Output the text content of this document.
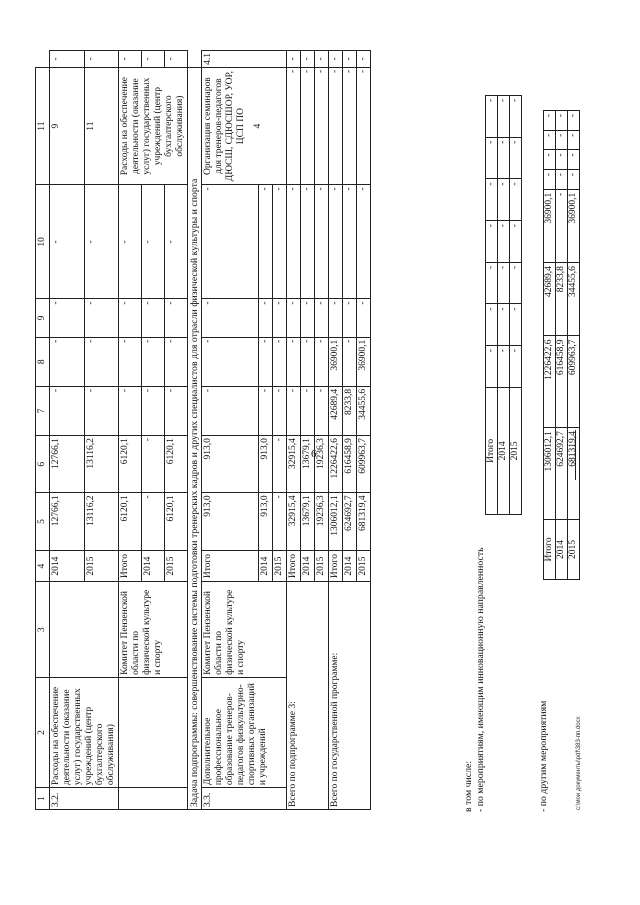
6
1	2	3	4	5	6	7	8	9	10	11	
3.2.	Расходы на обеспечение деятельности (оказание услуг) государственных учреждений (центр бухгалтерского обслуживания)		2014	12766,1	12766,1	-	-	-	-	9	-
			2015	13116,2	13116,2	-	-	-	-	11	-
		Комитет Пензенской области по физической культуре и спорту	Итого	6120,1	6120,1	-	-	-	-	Расходы на обеспечение деятельности (оказание услуг) государственных учреждений (центр бухгалтерского обслуживания)	-
			2014	-	-	-	-	-	-		-
			2015	6120,1	6120,1	-	-	-	-		-
Задача подпрограммы: совершенствование системы подготовки тренерских кадров и других специалистов для отрасли физической культуры и спорта											
3.3.	Дополнительное профессиональное образование тренеров-педагогов физкультурно-спортивных организаций и учреждений	Комитет Пензенской области по физической культуре и спорту	Итого	913,0	913,0	-	-	-	-	Организация семинаров для тренеров-педагогов ДЮСШ, СДЮСШОР, УОР, ЦСП ПО 4	4.1
			2014	913,0	913,0	-	-	-	-		
			2015	-	-	-	-	-	-		
Всего по подпрограмме 3:			Итого	32915,4	32915,4	-	-	-	-	-	-
			2014	13679,1	13679,1	-	-	-	-	-	-
			2015	19236,3	19236,3	-	-	-	-	-	-
Всего по государственной программе:			Итого	1306012,1	1226422,6	42689,4	36900,1	-	-	-	-
			2014	624692,7	616458,9	8233,8	-	-	-	-	-
			2015	681319,4	609963,7	34455,6	36900,1	-	-	-	-
в том числе: - по мероприятиям, имеющим инновационную направленность
Итого	-	-	-	-	-	-	-
2014	-	-	-	-	-	-	-
2015	-	-	-	-	-	-	-
- по другим мероприятиям
Итого	1306012,1	1226422,6	42689,4	36900,1	-	-	-	-
2014	624692,7	616458,9	8233,8	-	-	-	-	-
2015	681319,4	609963,7	34455,6	36900,1	-	-	-	-
c:\мои документы\pdf\383-пп.docx
